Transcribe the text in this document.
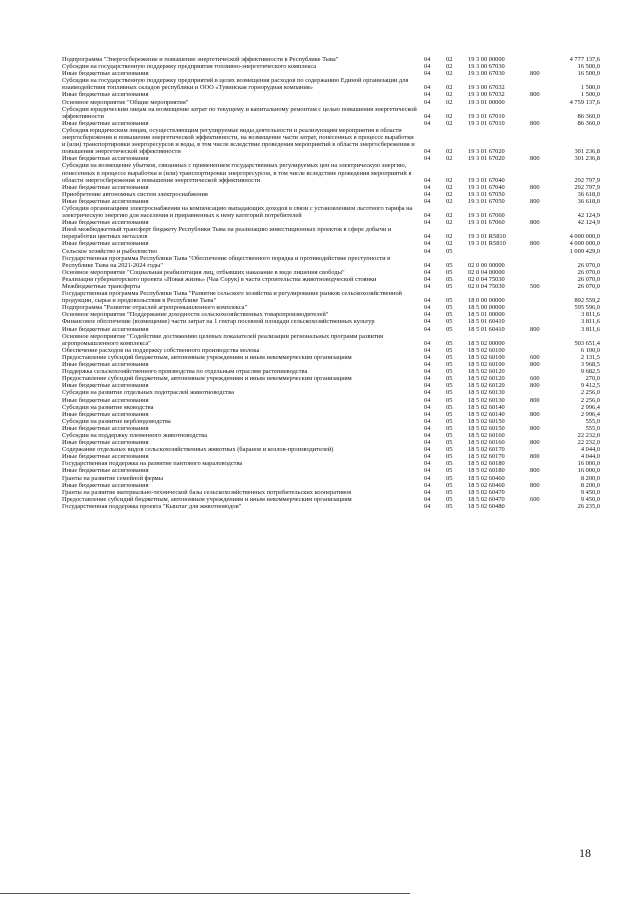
Подпрограмма "Энергосбережение и повышение энергетической эффективности в Республике Тыва"	04	02	19 3 00 00000		4 777 137,6
Субсидии на государственную поддержку предприятия топливно-энергетического комплекса	04	02	19 3 00 67030		16 500,0
Иные бюджетные ассигнования	04	02	19 3 00 67030	800	16 500,0
Субсидии на государственную поддержку предприятий в целях возмещения расходов по содержанию Единой организации для взаимодействия топливных складов республики и ООО «Тувинская горнорудная компания»	04	02	19 3 00 67032		1 500,0
Иные бюджетные ассигнования	04	02	19 3 00 67032	800	1 500,0
Основное мероприятие "Общие мероприятия"	04	02	19 3 01 00000		4 759 137,6
Субсидии юридическим лицам на возмещение затрат по текущему и капитальному ремонтам с целью повышения энергетической эффективности	04	02	19 3 01 67010		86 360,0
Иные бюджетные ассигнования	04	02	19 3 01 67010	800	86 360,0
Субсидия юридическим лицам, осуществляющим регулируемые виды деятельности и реализующим мероприятия в области энергосбережения и повышения энергетической эффективности, на возмещение части затрат, понесенных в процессе выработки и (или) транспортировки энергоресурсов и воды, в том числе вследствие проведения мероприятий в области энергосбережения и повышения энергетической эффективности	04	02	19 3 01 67020		301 236,8
Иные бюджетные ассигнования	04	02	19 3 01 67020	800	301 236,8
Субсидии на возмещение убытков, связанных с применением государственных регулируемых цен на электрическую энергию, понесенных в процессе выработки и (или) транспортировки энергоресурсов, в том числе вследствие проведения мероприятий в области энергосбережения и повышения энергетической эффективности	04	02	19 3 01 67040		292 797,9
Иные бюджетные ассигнования	04	02	19 3 01 67040	800	292 797,9
Приобретение автономных систем электроснабжения	04	02	19 3 01 67050		36 618,0
Иные бюджетные ассигнования	04	02	19 3 01 67050	800	36 618,0
Субсидии организациям электроснабжения на компенсацию выпадающих доходов в связи с установлением льготного тарифа на электрическую энергию для населения и приравненных к нему категорий потребителей	04	02	19 3 01 67060		42 124,9
Иные бюджетные ассигнования	04	02	19 3 01 67060	800	42 124,9
Иной межбюджетный трансферт бюджету Республики Тыва на реализацию инвестиционных проектов в сфере добычи и переработки цветных металлов	04	02	19 3 01 R5810		4 000 000,0
Иные бюджетные ассигнования	04	02	19 3 01 R5810	800	4 000 000,0
Сельское хозяйство и рыболовство	04	05			1 009 429,0
Государственная программа Республики Тыва "Обеспечение общественного порядка и противодействие преступности в Республике Тыва на 2021-2024 годы"	04	05	02 0 00 00000		26 070,0
Основное мероприятие "Социальная реабилитация лиц, отбывших наказание в виде лишения свободы"	04	05	02 0 04 00000		26 070,0
Реализация губернаторского проекта «Новая жизнь» (Чаа Сорук) в части строительства животноводческой стоянки	04	05	02 0 04 75030		26 070,0
Межбюджетные трансферты	04	05	02 0 04 75030	500	26 070,0
Государственная программа Республики Тыва "Развитие сельского хозяйства и регулирование рынков сельскохозяйственной продукции, сырья и продовольствия в Республике Тыва"	04	05	18 0 00 00000		892 559,2
Подпрограмма "Развитие отраслей агропромышленного комплекса"	04	05	18 5 00 00000		595 596,0
Основное мероприятие "Поддержание доходности сельскохозяйственных товаропроизводителей"	04	05	18 5 01 00000		3 811,6
Финансовое обеспечение (возмещение) части затрат на 1 гектар посевной площади сельскохозяйственных культур	04	05	18 5 01 60410		3 811,6
Иные бюджетные ассигнования	04	05	18 5 01 60410	800	3 811,6
Основное мероприятие "Содействие достижению целевых показателей реализации региональных программ развития агропромышленного комплекса"	04	05	18 5 02 00000		503 651,4
Обеспечение расходов на поддержку собственного производства молока	04	05	18 5 02 60100		6 100,0
Предоставление субсидий бюджетным, автономным учреждениям и иным некоммерческим организациям	04	05	18 5 02 60100	600	2 131,5
Иные бюджетные ассигнования	04	05	18 5 02 60100	800	3 968,5
Поддержка сельскохозяйственного производства по отдельным отраслям растениеводства	04	05	18 5 02 60120		9 682,5
Предоставление субсидий бюджетным, автономным учреждениям и иным некоммерческим организациям	04	05	18 5 02 60120	600	270,0
Иные бюджетные ассигнования	04	05	18 5 02 60120	800	9 412,5
Субсидии на развитие отдельных подотраслей животноводства	04	05	18 5 02 60130		2 256,0
Иные бюджетные ассигнования	04	05	18 5 02 60130	800	2 256,0
Субсидии на развитие яководства	04	05	18 5 02 60140		2 996,4
Иные бюджетные ассигнования	04	05	18 5 02 60140	800	2 996,4
Субсидии на развитие верблюдоводства	04	05	18 5 02 60150		555,0
Иные бюджетные ассигнования	04	05	18 5 02 60150	800	555,0
Субсидии на поддержку племенного животноводства	04	05	18 5 02 60160		22 232,0
Иные бюджетные ассигнования	04	05	18 5 02 60160	800	22 232,0
Содержание отдельных видов сельскохозяйственных животных (баранов и козлов-производителей)	04	05	18 5 02 60170		4 044,0
Иные бюджетные ассигнования	04	05	18 5 02 60170	800	4 044,0
Государственная поддержка на развитие пантового мараловодства	04	05	18 5 02 60180		16 000,0
Иные бюджетные ассигнования	04	05	18 5 02 60180	800	16 000,0
Гранты на развитие семейной фермы	04	05	18 5 02 60460		8 200,0
Иные бюджетные ассигнования	04	05	18 5 02 60460	800	8 200,0
Гранты на развитие материально-технической базы сельскохозяйственных потребительских кооперативов	04	05	18 5 02 60470		9 450,0
Предоставление субсидий бюджетным, автономным учреждениям и иным некоммерческим организациям	04	05	18 5 02 60470	600	9 450,0
Государственная поддержка проекта "Кыштаг для животноводов"	04	05	18 5 02 60480		26 235,0
18
